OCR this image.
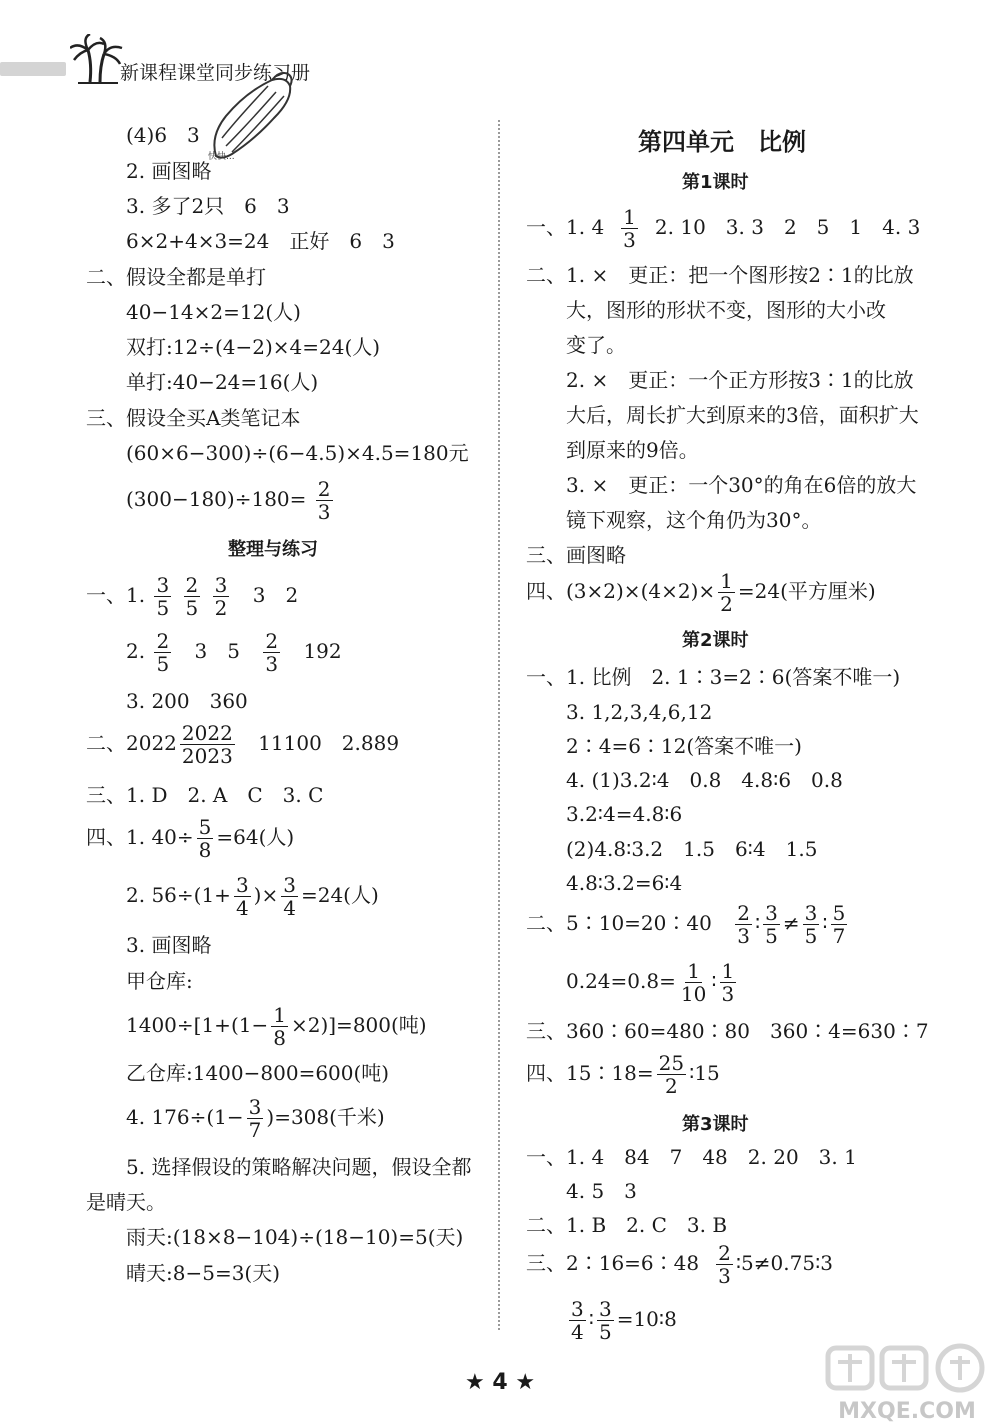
新课程课堂同步练习册
快快...
(4)6　3
2. 画图略
3. 多了2只　6　3
6×2+4×3=24　正好　6　3
二、假设全都是单打
40−14×2=12(人)
双打:12÷(4−2)×4=24(人)
单打:40−24=16(人)
三、假设全买A类笔记本
(60×6−300)÷(6−4.5)×4.5=180元
$(300-180)\div 180= \frac{2}{3}$
整理与练习
一、1. $\frac{3}{5}$
$\frac{2}{5}$
$\frac{3}{2} 3$　2
2. $\frac{2}{5} 3$　$5 \frac{2}{3} 192$
3. 200　360
二、$2022 \frac{2022}{2023} 11100$　2.889
三、1. D　2. A　C　3. C
四、1. $40\div \frac{5}{8} =64$(人)
2. $56\div(1+ \frac{3}{4}$ )× $\frac{3}{4} =24$(人)
3. 画图略
甲仓库:
$1400\div[1+(1- \frac{1}{8} \times 2)]=800$(吨)
乙仓库:1400−800=600(吨)
4. $176\div(1- \frac{3}{7} )=308$(千米)
5. 选择假设的策略解决问题，假设全都
是晴天。
雨天:(18×8−104)÷(18−10)=5(天)
晴天:8−5=3(天)
第四单元　比例
第1课时
一、1. $4 \frac{1}{3} 2$. 10　3. 3　2　5　1　4. 3
二、1. ×　更正：把一个图形按2∶1的比放
大，图形的形状不变，图形的大小改
变了。
2. ×　更正：一个正方形按3∶1的比放
大后，周长扩大到原来的3倍，面积扩大
到原来的9倍。
3. ×　更正：一个30°的角在6倍的放大
镜下观察，这个角仍为30°。
三、画图略
四、$(3\times 2)\times(4\times 2)\times \frac{1}{2} =24$(平方厘米)
第2课时
一、1. 比例　2. 1∶3=2∶6(答案不唯一)
3. 1,2,3,4,6,12
2∶4=6∶12(答案不唯一)
4. (1)3.2∶4　0.8　4.8∶6　0.8
3.2∶4=4.8∶6
(2)4.8∶3.2　1.5　6∶4　1.5
4.8∶3.2=6∶4
二、5∶10=20∶40 $\frac{2}{3}$ ∶ $\frac{3}{5} \ne \frac{3}{5}$ ∶ $\frac{5}{7}$
$0.24=0.8= \frac{1}{10}$ ∶ $\frac{1}{3}$
三、360∶60=480∶80　360∶4=630∶7
四、15∶18= $\frac{25}{2}$ ∶15
第3课时
一、1. 4　84　7　48　2. 20　3. 1
4. 5　3
二、1. B　2. C　3. B
三、2∶16=6∶48 $\frac{2}{3}$ ∶5≠0.75∶3
$\frac{3}{4}$ ∶ $\frac{3}{5}$ =10∶8
★ 4 ★
MXQE.COM
